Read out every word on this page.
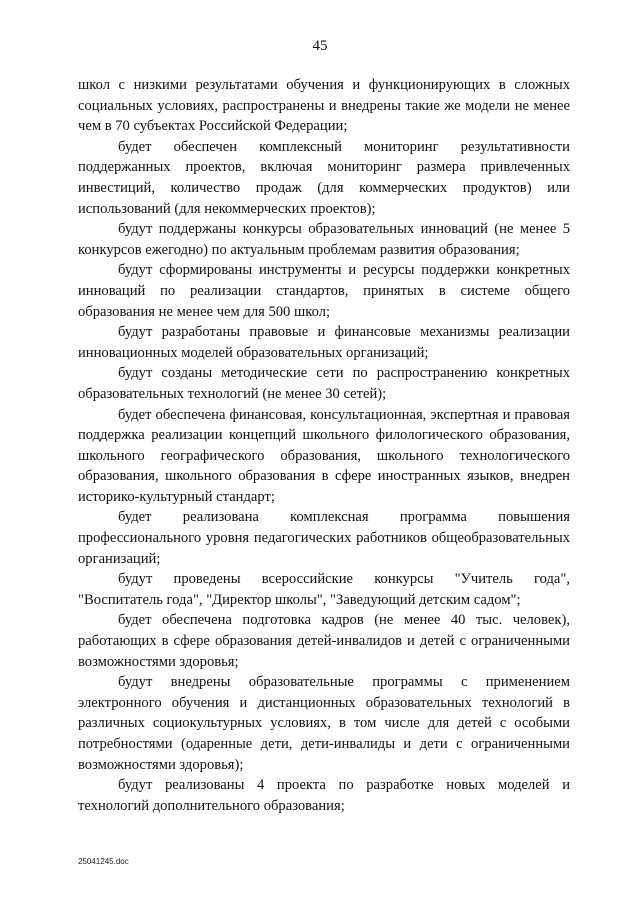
45

школ с низкими результатами обучения и функционирующих в сложных социальных условиях, распространены и внедрены такие же модели не менее чем в 70 субъектах Российской Федерации;

будет обеспечен комплексный мониторинг результативности поддержанных проектов, включая мониторинг размера привлеченных инвестиций, количество продаж (для коммерческих продуктов) или использований (для некоммерческих проектов);

будут поддержаны конкурсы образовательных инноваций (не менее 5 конкурсов ежегодно) по актуальным проблемам развития образования;

будут сформированы инструменты и ресурсы поддержки конкретных инноваций по реализации стандартов, принятых в системе общего образования не менее чем для 500 школ;

будут разработаны правовые и финансовые механизмы реализации инновационных моделей образовательных организаций;

будут созданы методические сети по распространению конкретных образовательных технологий (не менее 30 сетей);

будет обеспечена финансовая, консультационная, экспертная и правовая поддержка реализации концепций школьного филологического образования, школьного географического образования, школьного технологического образования, школьного образования в сфере иностранных языков, внедрен историко-культурный стандарт;

будет реализована комплексная программа повышения профессионального уровня педагогических работников общеобразовательных организаций;

будут проведены всероссийские конкурсы "Учитель года", "Воспитатель года", "Директор школы", "Заведующий детским садом";

будет обеспечена подготовка кадров (не менее 40 тыс. человек), работающих в сфере образования детей-инвалидов и детей с ограниченными возможностями здоровья;

будут внедрены образовательные программы с применением электронного обучения и дистанционных образовательных технологий в различных социокультурных условиях, в том числе для детей с особыми потребностями (одаренные дети, дети-инвалиды и дети с ограниченными возможностями здоровья);

будут реализованы 4 проекта по разработке новых моделей и технологий дополнительного образования;

25041245.doc
